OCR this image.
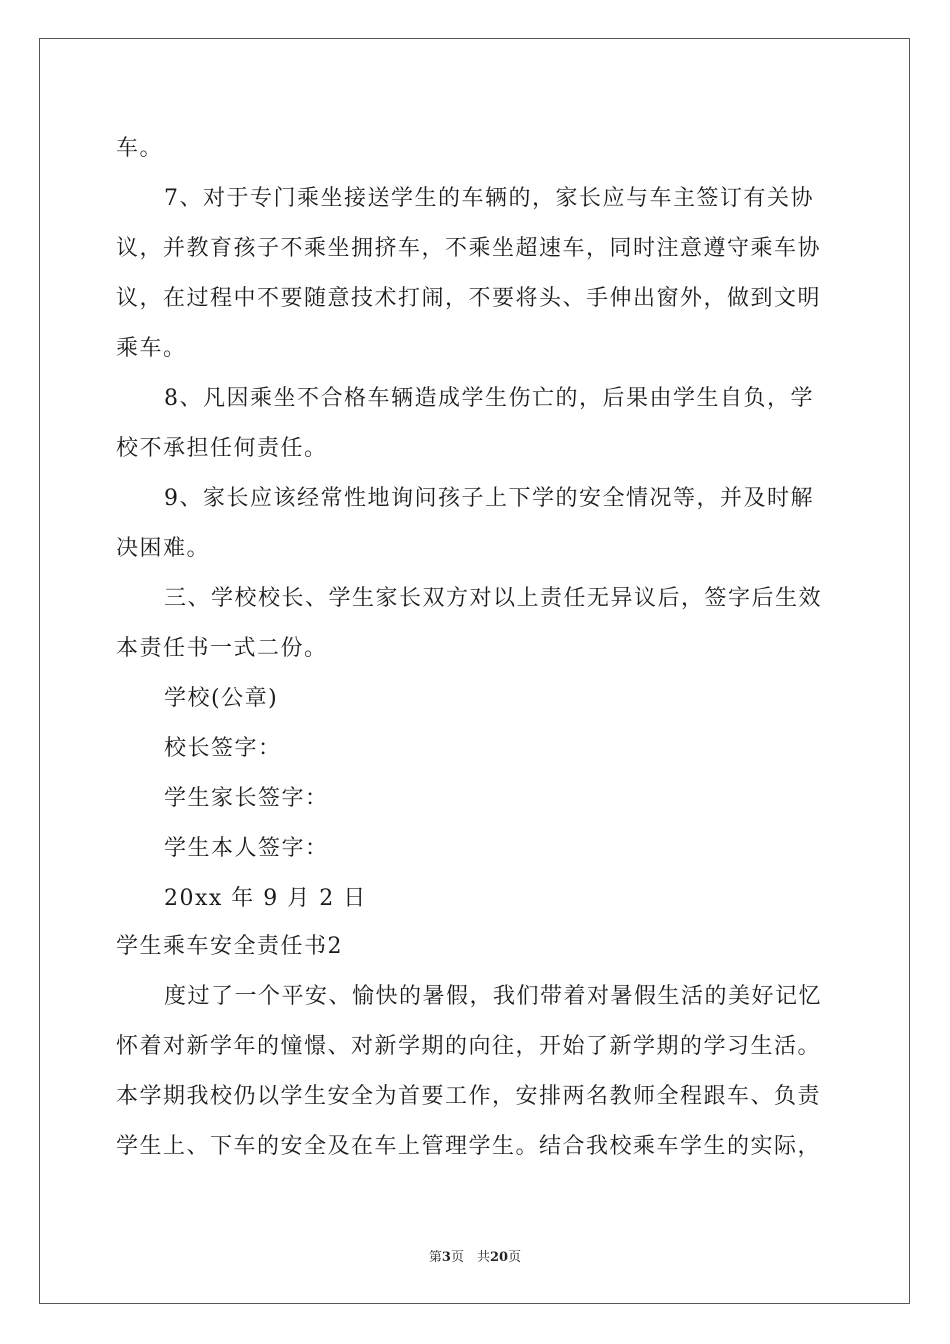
车。
7、对于专门乘坐接送学生的车辆的，家长应与车主签订有关协
议，并教育孩子不乘坐拥挤车，不乘坐超速车，同时注意遵守乘车协
议，在过程中不要随意技术打闹，不要将头、手伸出窗外，做到文明
乘车。
8、凡因乘坐不合格车辆造成学生伤亡的，后果由学生自负，学
校不承担任何责任。
9、家长应该经常性地询问孩子上下学的安全情况等，并及时解
决困难。
三、学校校长、学生家长双方对以上责任无异议后，签字后生效
本责任书一式二份。
学校(公章)
校长签字：
学生家长签字：
学生本人签字：
20xx 年 9 月 2 日
学生乘车安全责任书2
度过了一个平安、愉快的暑假，我们带着对暑假生活的美好记忆
怀着对新学年的憧憬、对新学期的向往，开始了新学期的学习生活。
本学期我校仍以学生安全为首要工作，安排两名教师全程跟车、负责
学生上、下车的安全及在车上管理学生。结合我校乘车学生的实际，
第3页　共20页
